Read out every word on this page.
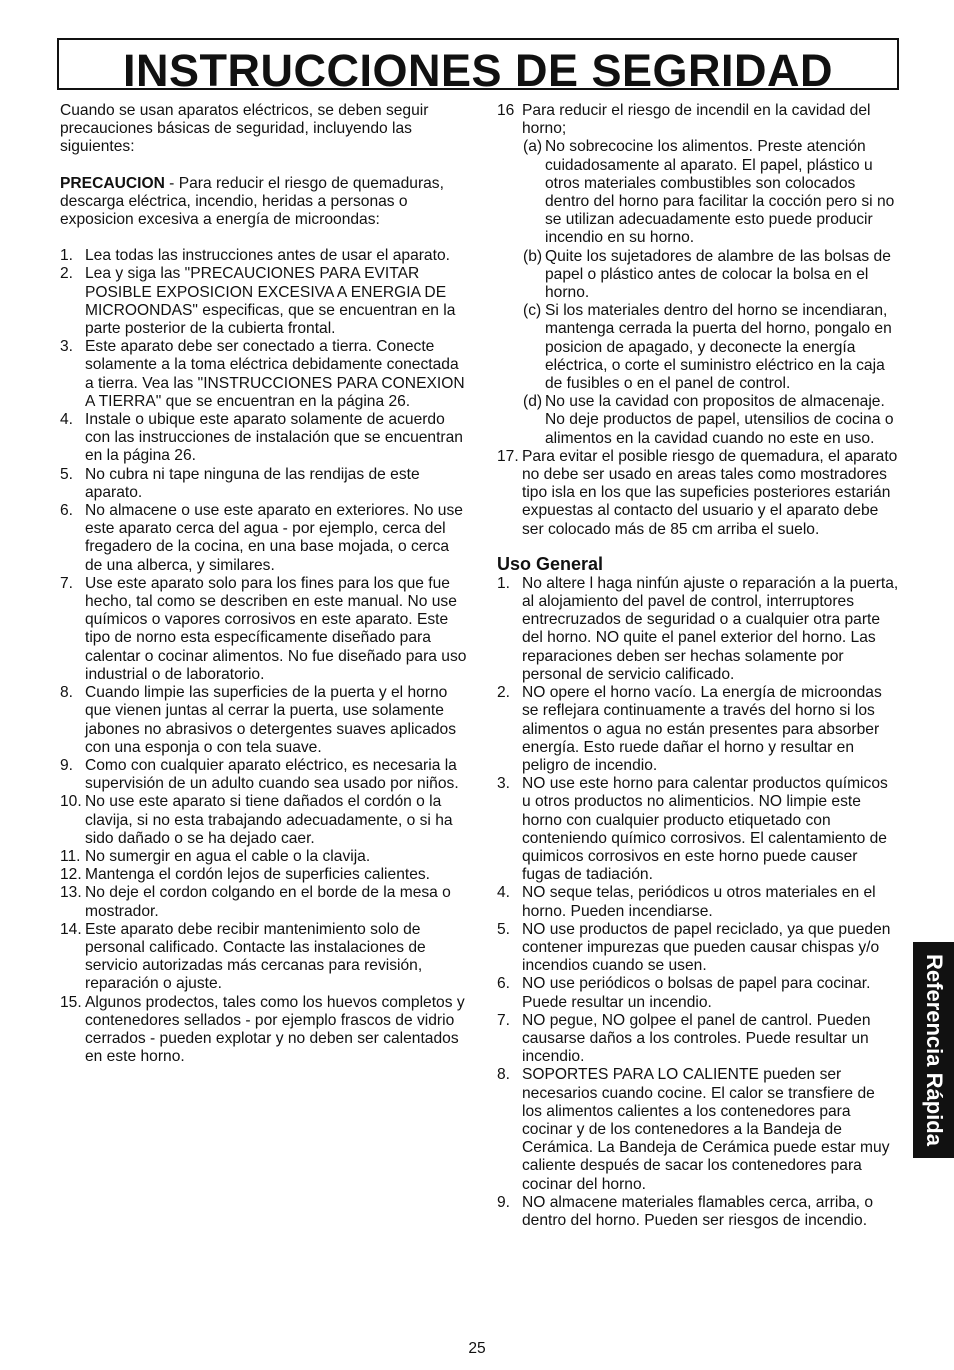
INSTRUCCIONES DE SEGRIDAD

Cuando se usan aparatos eléctricos, se deben seguir precauciones básicas de seguridad, incluyendo las siguientes:

PRECAUCION - Para reducir el riesgo de quemaduras, descarga eléctrica, incendio, heridas a personas o exposicion excesiva a energía de microondas:

1. Lea todas las instrucciones antes de usar el aparato.
2. Lea y siga las "PRECAUCIONES PARA EVITAR POSIBLE EXPOSICION EXCESIVA A ENERGIA DE MICROONDAS" especificas, que se encuentran en la parte posterior de la cubierta frontal.
3. Este aparato debe ser conectado a tierra. Conecte solamente a la toma eléctrica debidamente conectada a tierra. Vea las "INSTRUCCIONES PARA CONEXION A TIERRA" que se encuentran en la página 26.
4. Instale o ubique este aparato solamente de acuerdo con las instrucciones de instalación que se encuentran en la página 26.
5. No cubra ni tape ninguna de las rendijas de este aparato.
6. No almacene o use este aparato en exteriores. No use este aparato cerca del agua - por ejemplo, cerca del fregadero de la cocina, en una base mojada, o cerca de una alberca, y similares.
7. Use este aparato solo para los fines para los que fue hecho, tal como se describen en este manual. No use químicos o vapores corrosivos en este aparato. Este tipo de norno esta específicamente diseñado para calentar o cocinar alimentos. No fue diseñado para uso industrial o de laboratorio.
8. Cuando limpie las superficies de la puerta y el horno que vienen juntas al cerrar la puerta, use solamente jabones no abrasivos o detergentes suaves aplicados con una esponja o con tela suave.
9. Como con cualquier aparato eléctrico, es necesaria la supervisión de un adulto cuando sea usado por niños.
10. No use este aparato si tiene dañados el cordón o la clavija, si no esta trabajando adecuadamente, o si ha sido dañado o se ha dejado caer.
11. No sumergir en agua el cable o la clavija.
12. Mantenga el cordón lejos de superficies calientes.
13. No deje el cordon colgando en el borde de la mesa o mostrador.
14. Este aparato debe recibir mantenimiento solo de personal calificado. Contacte las instalaciones de servicio autorizadas más cercanas para revisión, reparación o ajuste.
15. Algunos prodectos, tales como los huevos completos y contenedores sellados - por ejemplo frascos de vidrio cerrados - pueden explotar y no deben ser calentados en este horno.
16 Para reducir el riesgo de incendil en la cavidad del horno;
(a) No sobrecocine los alimentos. Preste atención cuidadosamente al aparato. El papel, plástico u otros materiales combustibles son colocados dentro del horno para facilitar la cocción pero si no se utilizan adecuadamente esto puede producir incendio en su horno.
(b) Quite los sujetadores de alambre de las bolsas de papel o plástico antes de colocar la bolsa en el horno.
(c) Si los materiales dentro del horno se incendiaran, mantenga cerrada la puerta del horno, pongalo en posicion de apagado, y deconecte la energía eléctrica, o corte el suministro eléctrico en la caja de fusibles o en el panel de control.
(d) No use la cavidad con propositos de almacenaje. No deje productos de papel, utensilios de cocina o alimentos en la cavidad cuando no este en uso.
17. Para evitar el posible riesgo de quemadura, el aparato no debe ser usado en areas tales como mostradores tipo isla en los que las supeficies posteriores estarián expuestas al contacto del usuario y el aparato debe ser colocado más de 85 cm arriba el suelo.
Uso General
1. No altere l haga ninfún ajuste o reparación a la puerta, al alojamiento del pavel de control, interruptores entrecruzados de seguridad o a cualquier otra parte del horno. NO quite el panel exterior del horno. Las reparaciones deben ser hechas solamente por personal de servicio calificado.
2. NO opere el horno vacío. La energía de microondas se reflejara continuamente a través del horno si los alimentos o agua no están presentes para absorber energía. Esto ruede dañar el horno y resultar en peligro de incendio.
3. NO use este horno para calentar productos químicos u otros productos no alimenticios. NO limpie este horno con cualquier producto etiquetado con conteniendo químico corrosivos. El calentamiento de quimicos corrosivos en este horno puede causer fugas de tadiación.
4. NO seque telas, periódicos u otros materiales en el horno. Pueden incendiarse.
5. NO use productos de papel reciclado, ya que pueden contener impurezas que pueden causar chispas y/o incendios cuando se usen.
6. NO use periódicos o bolsas de papel para cocinar. Puede resultar un incendio.
7. NO pegue, NO golpee el panel de cantrol. Pueden causarse daños a los controles. Puede resultar un incendio.
8. SOPORTES PARA LO CALIENTE pueden ser necesarios cuando cocine. El calor se transfiere de los alimentos calientes a los contenedores para cocinar y de los contenedores a la Bandeja de Cerámica. La Bandeja de Cerámica puede estar muy caliente después de sacar los contenedores para cocinar del horno.
9. NO almacene materiales flamables cerca, arriba, o dentro del horno. Pueden ser riesgos de incendio.
Referencia Rápida
25
